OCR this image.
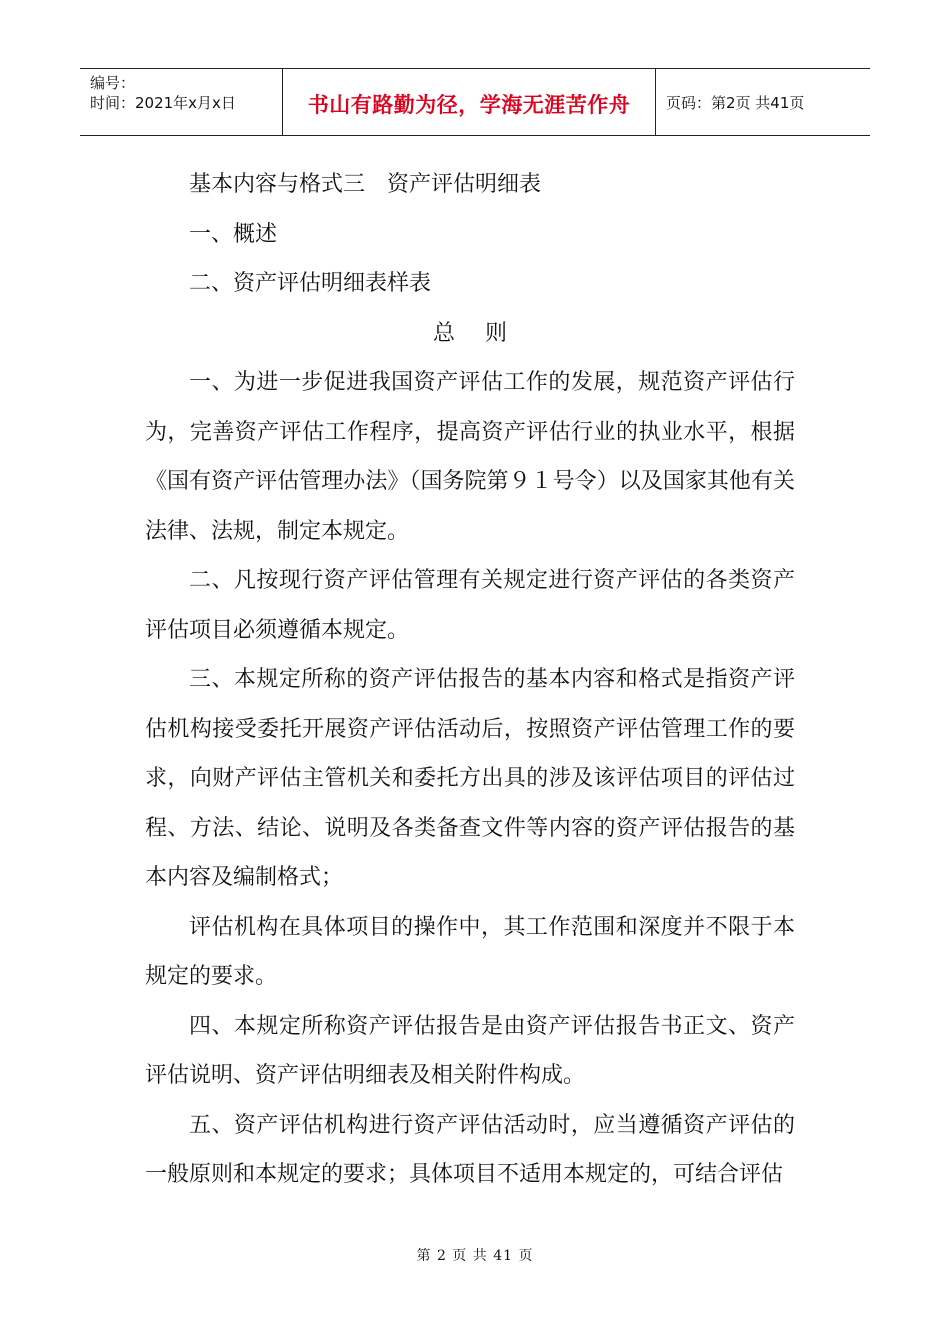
编号：
时间：2021年x月x日	书山有路勤为径，学海无涯苦作舟 页码：第2页 共41页

基本内容与格式三　资产评估明细表

一、概述

二、资产评估明细表样表

总则

一、为进一步促进我国资产评估工作的发展，规范资产评估行为，完善资产评估工作程序，提高资产评估行业的执业水平，根据《国有资产评估管理办法》（国务院第９１号令）以及国家其他有关法律、法规，制定本规定。

二、凡按现行资产评估管理有关规定进行资产评估的各类资产评估项目必须遵循本规定。

三、本规定所称的资产评估报告的基本内容和格式是指资产评估机构接受委托开展资产评估活动后，按照资产评估管理工作的要求，向财产评估主管机关和委托方出具的涉及该评估项目的评估过程、方法、结论、说明及各类备查文件等内容的资产评估报告的基本内容及编制格式；

评估机构在具体项目的操作中，其工作范围和深度并不限于本规定的要求。

四、本规定所称资产评估报告是由资产评估报告书正文、资产评估说明、资产评估明细表及相关附件构成。

五、资产评估机构进行资产评估活动时，应当遵循资产评估的一般原则和本规定的要求；具体项目不适用本规定的，可结合评估

第 2 页 共 41 页
